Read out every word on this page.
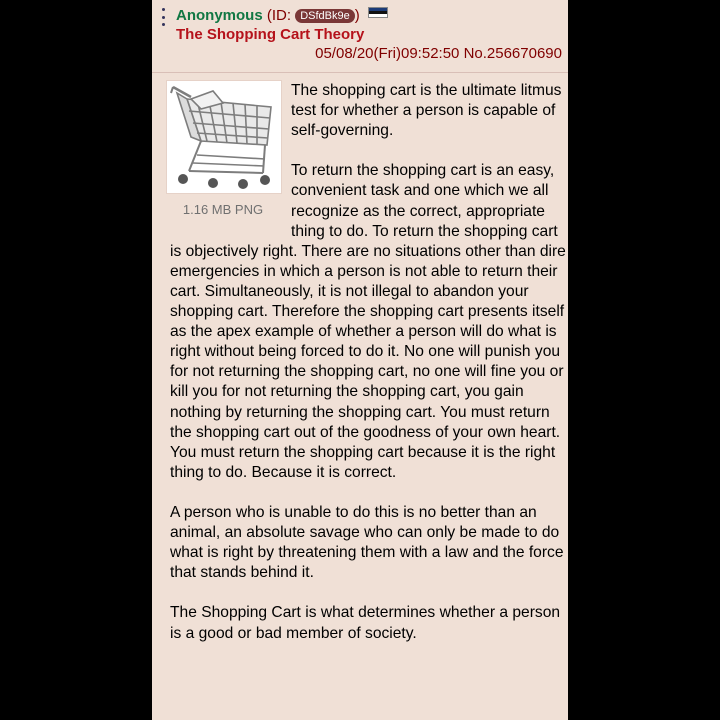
Anonymous (ID: DSfdBk9e )
The Shopping Cart Theory
05/08/20(Fri)09:52:50 No.256670690
1.16 MB PNG

The shopping cart is the ultimate litmus test for whether a person is capable of self-governing.

To return the shopping cart is an easy, convenient task and one which we all recognize as the correct, appropriate thing to do. To return the shopping cart is objectively right. There are no situations other than dire emergencies in which a person is not able to return their cart. Simultaneously, it is not illegal to abandon your shopping cart. Therefore the shopping cart presents itself as the apex example of whether a person will do what is right without being forced to do it. No one will punish you for not returning the shopping cart, no one will fine you or kill you for not returning the shopping cart, you gain nothing by returning the shopping cart. You must return the shopping cart out of the goodness of your own heart. You must return the shopping cart because it is the right thing to do. Because it is correct.

A person who is unable to do this is no better than an animal, an absolute savage who can only be made to do what is right by threatening them with a law and the force that stands behind it.

The Shopping Cart is what determines whether a person is a good or bad member of society.
